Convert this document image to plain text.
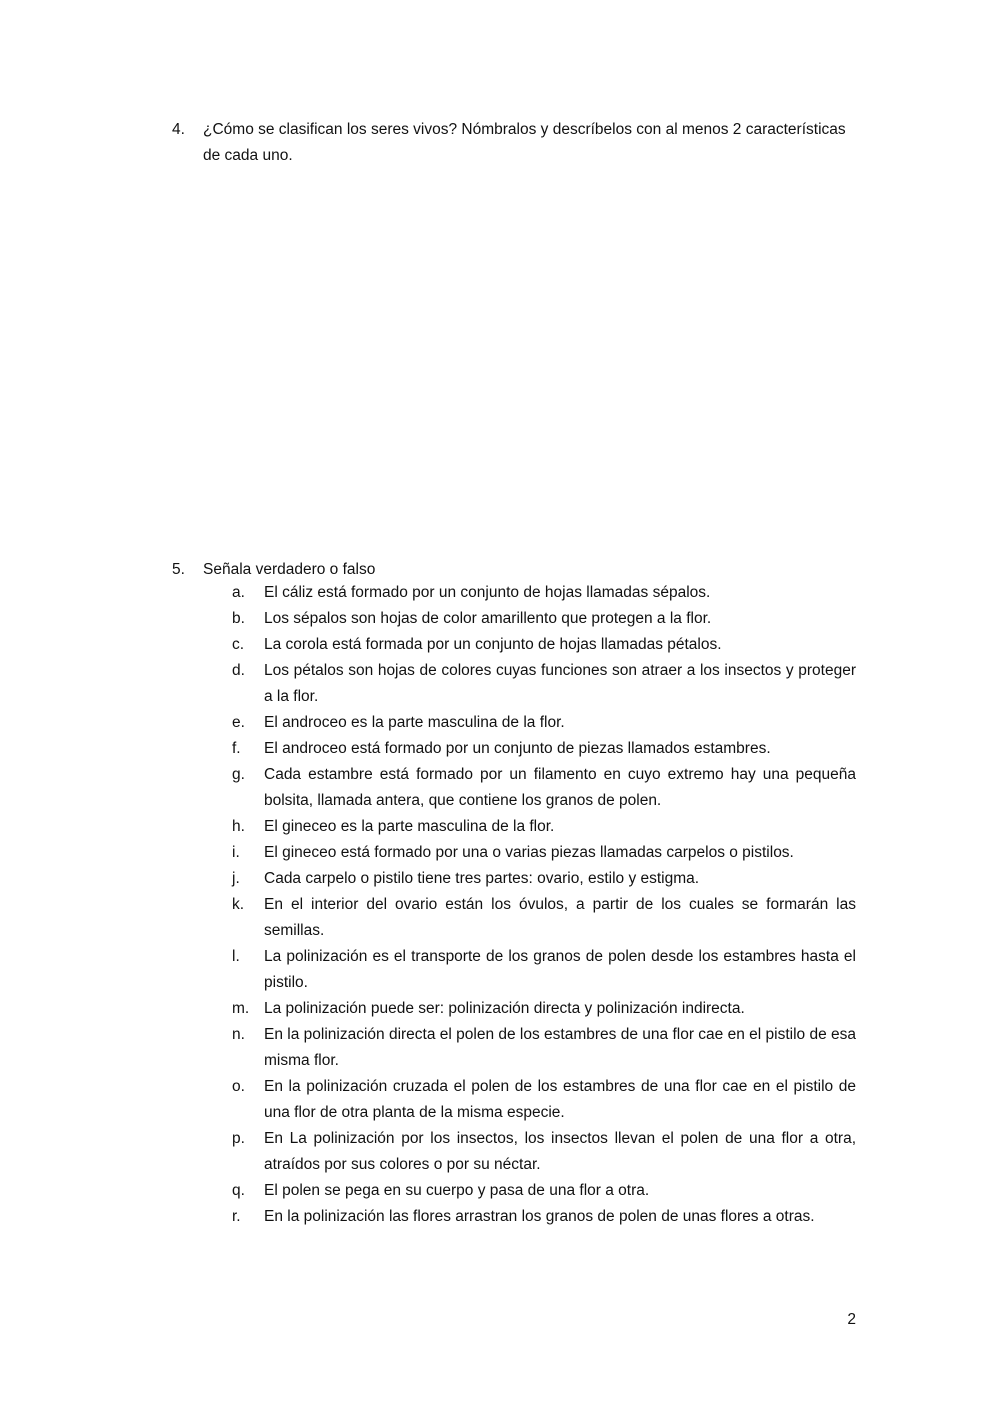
4.	¿Cómo se clasifican los seres vivos? Nómbralos y descríbelos con al menos 2 características de cada uno.
5.	Señala verdadero o falso
a. El cáliz está formado por un conjunto de hojas llamadas sépalos.
b. Los sépalos son hojas de color amarillento que protegen a la flor.
c. La corola está formada por un conjunto de hojas llamadas pétalos.
d. Los pétalos son hojas de colores cuyas funciones son atraer a los insectos y proteger a la flor.
e. El androceo es la parte masculina de la flor.
f. El androceo está formado por un conjunto de piezas llamados estambres.
g. Cada estambre está formado por un filamento en cuyo extremo hay una pequeña bolsita, llamada antera, que contiene los granos de polen.
h. El gineceo es la parte masculina de la flor.
i. El gineceo está formado por una o varias piezas llamadas carpelos o pistilos.
j. Cada carpelo o pistilo tiene tres partes: ovario, estilo y estigma.
k. En el interior del ovario están los óvulos, a partir de los cuales se formarán las semillas.
l. La polinización es el transporte de los granos de polen desde los estambres hasta el pistilo.
m. La polinización puede ser: polinización directa y polinización indirecta.
n. En la polinización directa el polen de los estambres de una flor cae en el pistilo de esa misma flor.
o. En la polinización cruzada el polen de los estambres de una flor cae en el pistilo de una flor de otra planta de la misma especie.
p. En La polinización por los insectos, los insectos llevan el polen de una flor a otra, atraídos por sus colores o por su néctar.
q. El polen se pega en su cuerpo y pasa de una flor a otra.
r. En la polinización las flores arrastran los granos de polen de unas flores a otras.
2
